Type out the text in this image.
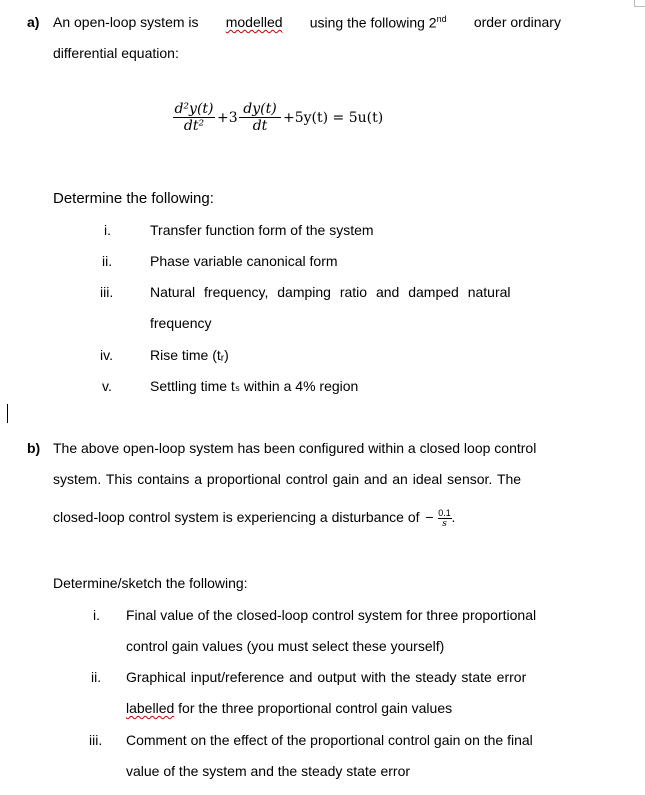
a) An open-loop system is modelled using the following 2nd order ordinary
differential equation:
d²y(t)
dt² +3
dy(t)
dt	+5y(t) = 5u(t)
Determine the following:
i.	Transfer function form of the system
ii.	Phase variable canonical form
iii.	Natural frequency, damping ratio and damped natural
frequency
iv.	Rise time (tᵣ)
v.	Settling time tₛ within a 4% region
b) The above open-loop system has been configured within a closed loop control
system. This contains a proportional control gain and an ideal sensor. The
closed-loop control system is experiencing a disturbance of − $\frac{0.1}{s}$ .
Determine/sketch the following:
i. Final value of the closed-loop control system for three proportional
control gain values (you must select these yourself)
ii. Graphical input/reference and output with the steady state error
labelled for the three proportional control gain values
iii. Comment on the effect of the proportional control gain on the final
value of the system and the steady state error
